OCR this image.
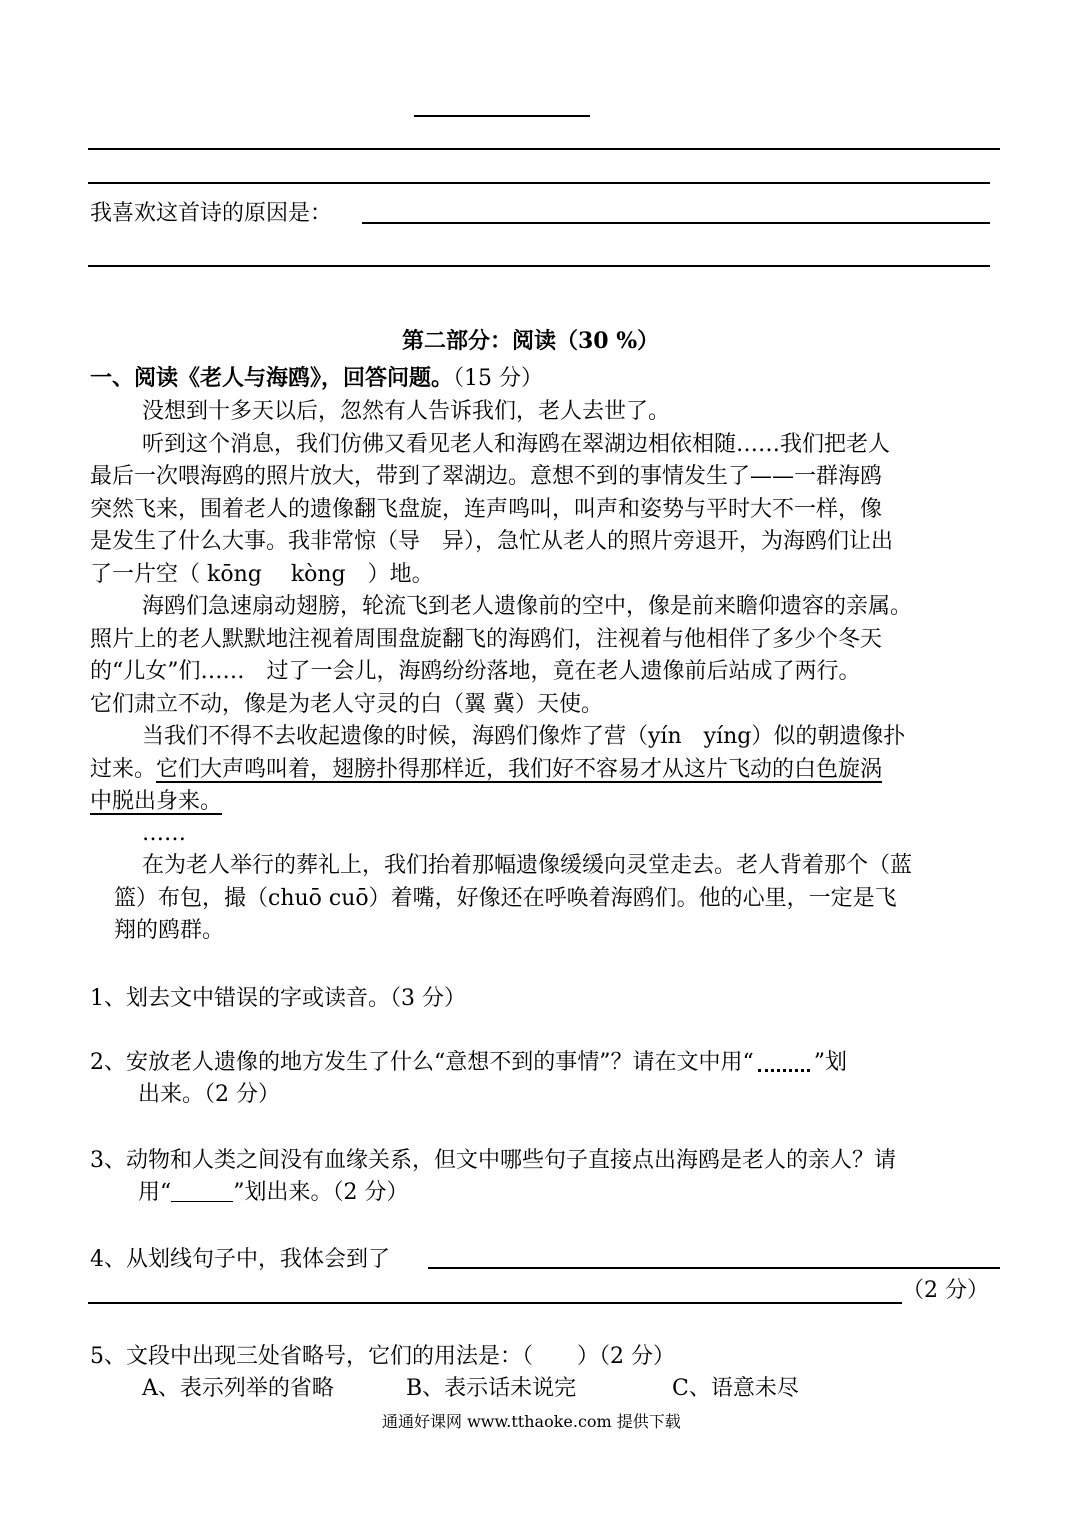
我喜欢这首诗的原因是：
第二部分：阅读（30 %）
一、阅读《老人与海鸥》，回答问题。（15 分）
没想到十多天以后，忽然有人告诉我们，老人去世了。
听到这个消息，我们仿佛又看见老人和海鸥在翠湖边相依相随……我们把老人
最后一次喂海鸥的照片放大，带到了翠湖边。意想不到的事情发生了——一群海鸥
突然飞来，围着老人的遗像翻飞盘旋，连声鸣叫，叫声和姿势与平时大不一样，像
是发生了什么大事。我非常惊（导　异），急忙从老人的照片旁退开，为海鸥们让出
了一片空（ kōng　 kòng　）地。
海鸥们急速扇动翅膀，轮流飞到老人遗像前的空中，像是前来瞻仰遗容的亲属。
照片上的老人默默地注视着周围盘旋翻飞的海鸥们，注视着与他相伴了多少个冬天
的“儿女”们……　过了一会儿，海鸥纷纷落地，竟在老人遗像前后站成了两行。
它们肃立不动，像是为老人守灵的白（翼 冀）天使。
当我们不得不去收起遗像的时候，海鸥们像炸了营（yín　yíng）似的朝遗像扑
过来。它们大声鸣叫着，翅膀扑得那样近，我们好不容易才从这片飞动的白色旋涡
中脱出身来。
……
在为老人举行的葬礼上，我们抬着那幅遗像缓缓向灵堂走去。老人背着那个（蓝
篮）布包，撮（chuō cuō）着嘴，好像还在呼唤着海鸥们。他的心里，一定是飞
翔的鸥群。
1、划去文中错误的字或读音。（3 分）
2、安放老人遗像的地方发生了什么“意想不到的事情”？请在文中用“	”划
出来。（2 分）
3、动物和人类之间没有血缘关系，但文中哪些句子直接点出海鸥是老人的亲人？请
用“	”划出来。（2 分）
4、从划线句子中，我体会到了
（2 分）
5、文段中出现三处省略号，它们的用法是：（　　）（2 分）
A、表示列举的省略	B、表示话未说完	C、语意未尽
通通好课网 www.tthaoke.com 提供下载
